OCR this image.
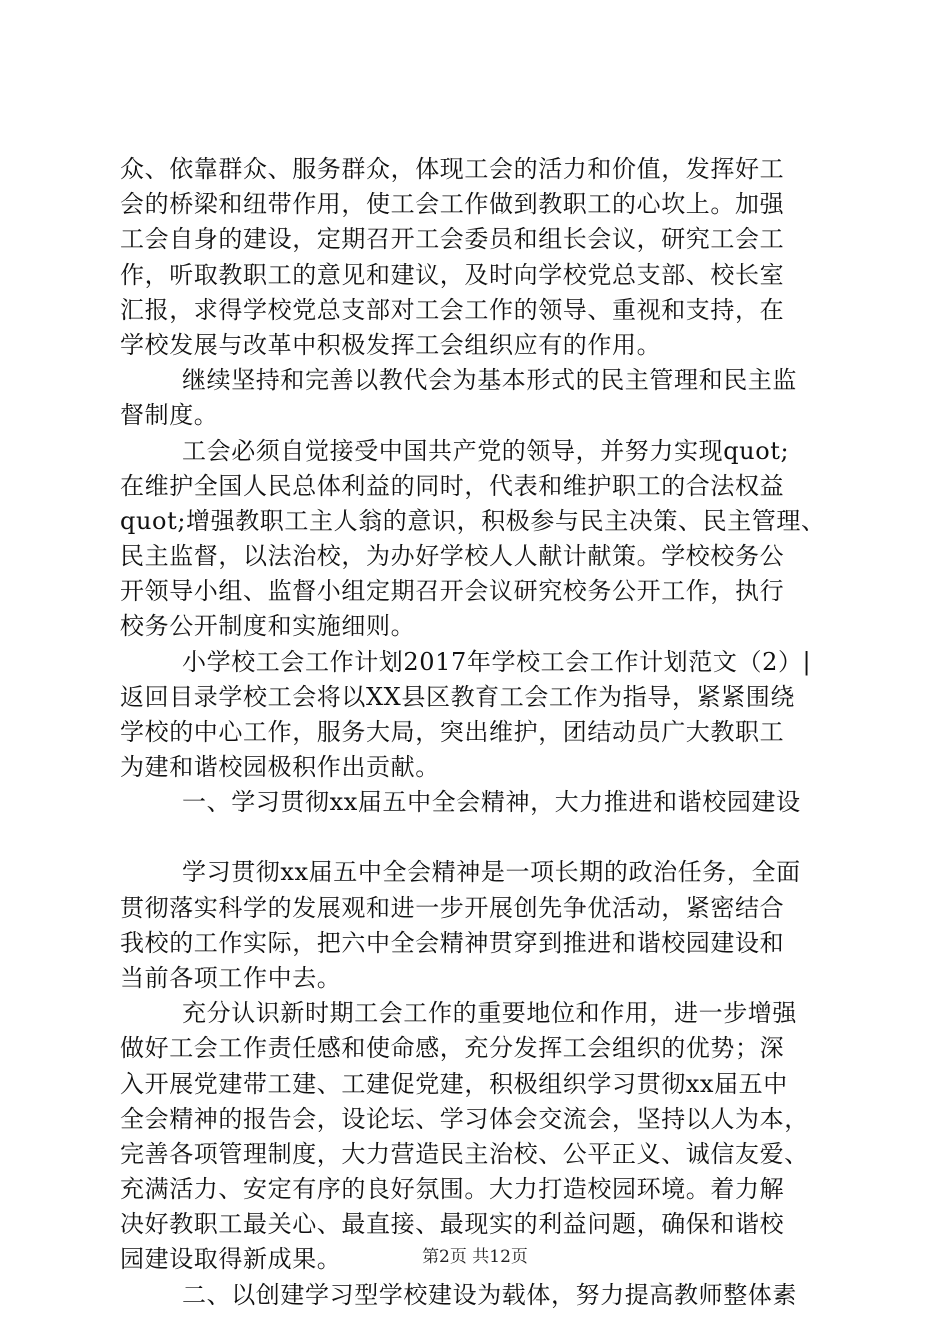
众、依靠群众、服务群众，体现工会的活力和价值，发挥好工
会的桥梁和纽带作用，使工会工作做到教职工的心坎上。加强
工会自身的建设，定期召开工会委员和组长会议，研究工会工
作，听取教职工的意见和建议，及时向学校党总支部、校长室
汇报，求得学校党总支部对工会工作的领导、重视和支持，在
学校发展与改革中积极发挥工会组织应有的作用。
继续坚持和完善以教代会为基本形式的民主管理和民主监
督制度。
工会必须自觉接受中国共产党的领导，并努力实现quot;
在维护全国人民总体利益的同时，代表和维护职工的合法权益
quot;增强教职工主人翁的意识，积极参与民主决策、民主管理、
民主监督，以法治校，为办好学校人人献计献策。学校校务公
开领导小组、监督小组定期召开会议研究校务公开工作，执行
校务公开制度和实施细则。
小学校工会工作计划2017年学校工会工作计划范文（2）|
返回目录学校工会将以XX县区教育工会工作为指导，紧紧围绕
学校的中心工作，服务大局，突出维护，团结动员广大教职工
为建和谐校园极积作出贡献。
一、学习贯彻xx届五中全会精神，大力推进和谐校园建设
学习贯彻xx届五中全会精神是一项长期的政治任务，全面
贯彻落实科学的发展观和进一步开展创先争优活动，紧密结合
我校的工作实际，把六中全会精神贯穿到推进和谐校园建设和
当前各项工作中去。
充分认识新时期工会工作的重要地位和作用，进一步增强
做好工会工作责任感和使命感，充分发挥工会组织的优势；深
入开展党建带工建、工建促党建，积极组织学习贯彻xx届五中
全会精神的报告会，设论坛、学习体会交流会，坚持以人为本，
完善各项管理制度，大力营造民主治校、公平正义、诚信友爱、
充满活力、安定有序的良好氛围。大力打造校园环境。着力解
决好教职工最关心、最直接、最现实的利益问题，确保和谐校
园建设取得新成果。
二、以创建学习型学校建设为载体，努力提高教师整体素
第2页 共12页
